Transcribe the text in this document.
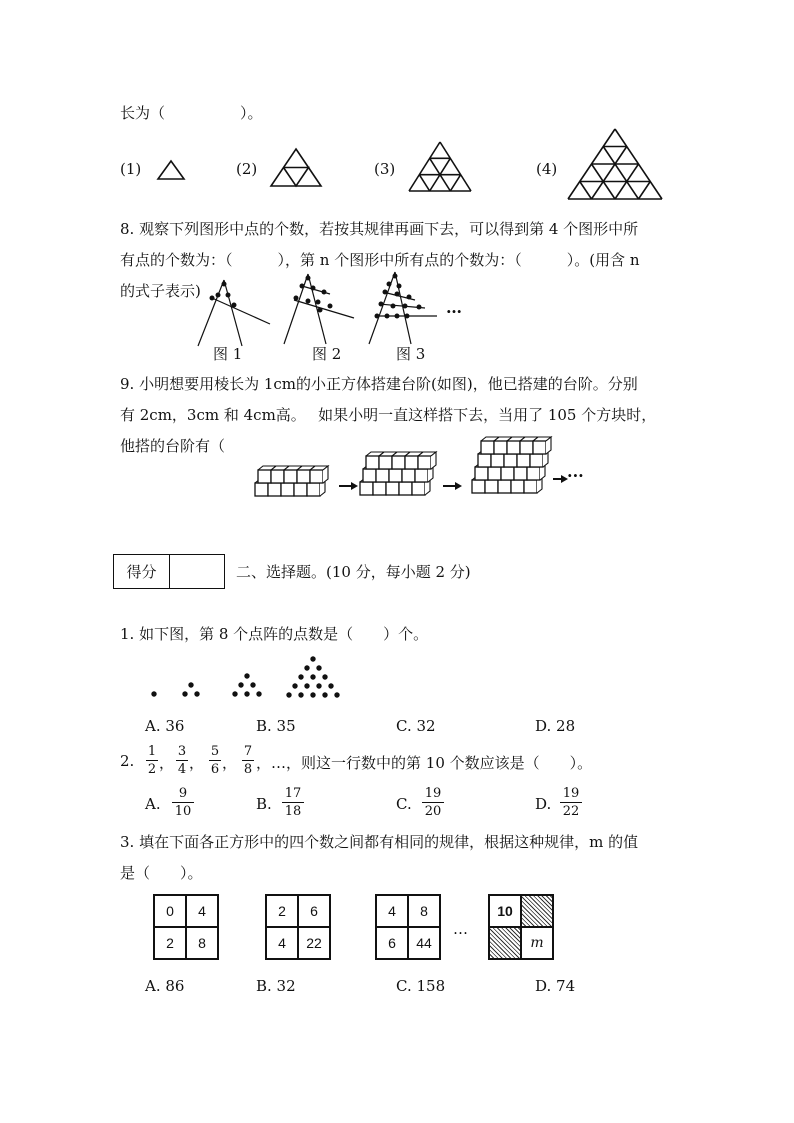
长为（　　　　　）。
(1)	(2)	(3)	(4)
8. 观察下列图形中点的个数，若按其规律再画下去，可以得到第 4 个图形中所
有点的个数为：（　　　），第 n 个图形中所有点的个数为：（　　　）。(用含 n
的式子表示)
…
图 1	图 2	图 3
9. 小明想要用棱长为 1cm的小正方体搭建台阶(如图)，他已搭建的台阶。分别
有 2cm，3cm 和 4cm高。　 如果小明一直这样搭下去，当用了 105 个方块时，
他搭的台阶有（
···
得分	二、选择题。(10 分，每小题 2 分)
1. 如下图，第 8 个点阵的点数是（　　）个。
A. 36	B. 35	C. 32	D. 28
2.
1
2 ，
3
4 ，
5
6 ，
7
8 ，…，则这一行数中的第 10 个数应该是（　　）。
A.
9
10	B.
17
18	C.
19
20	D.
19
22
3. 填在下面各正方形中的四个数之间都有相同的规律，根据这种规律，m 的值
是（　　）。
0	4
2	8
2	6
4	22
4	8
6	44
…
10
m
A. 86	B. 32	C. 158	D. 74
